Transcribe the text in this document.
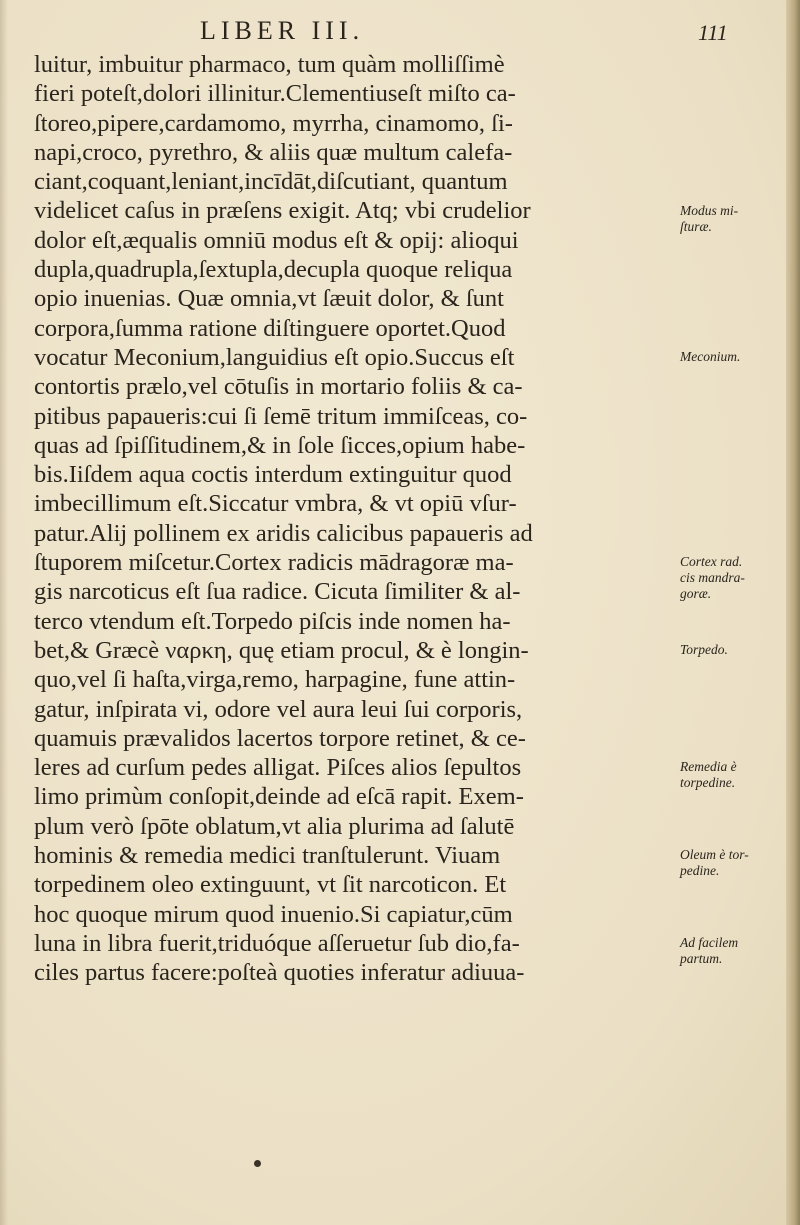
LIBER III.	111
luitur, imbuitur pharmaco, tum quàm molliſſimè
fieri poteſt,dolori illinitur.Clementiuseſt miſto ca-
ſtoreo,pipere,cardamomo, myrrha, cinamomo, ſi-
napi,croco, pyrethro, & aliis quæ multum calefa-
ciant,coquant,leniant,incīdāt,diſcutiant, quantum
videlicet caſus in præſens exigit. Atq; vbi crudelior
dolor eſt,æqualis omniū modus eſt & opij: alioqui
dupla,quadrupla,ſextupla,decupla quoque reliqua
opio inuenias. Quæ omnia,vt ſæuit dolor, & ſunt
corpora,ſumma ratione diſtinguere oportet.Quod
vocatur Meconium,languidius eſt opio.Succus eſt
contortis prælo,vel cōtuſis in mortario foliis & ca-
pitibus papaueris:cui ſi ſemē tritum immiſceas, co-
quas ad ſpiſſitudinem,& in ſole ſicces,opium habe-
bis.Iiſdem aqua coctis interdum extinguitur quod
imbecillimum eſt.Siccatur vmbra, & vt opiū vſur-
patur.Alij pollinem ex aridis calicibus papaueris ad
ſtuporem miſcetur.Cortex radicis mādragoræ ma-
gis narcoticus eſt ſua radice. Cicuta ſimiliter & al-
terco vtendum eſt.Torpedo piſcis inde nomen ha-
bet,& Græcè ναρκη, quę etiam procul, & è longin-
quo,vel ſi haſta,virga,remo, harpagine, fune attin-
gatur, inſpirata vi, odore vel aura leui ſui corporis,
quamuis prævalidos lacertos torpore retinet, & ce-
leres ad curſum pedes alligat. Piſces alios ſepultos
limo primùm conſopit,deinde ad eſcā rapit. Exem-
plum verò ſpōte oblatum,vt alia plurima ad ſalutē
hominis & remedia medici tranſtulerunt. Viuam
torpedinem oleo extinguunt, vt ſit narcoticon. Et
hoc quoque mirum quod inuenio.Si capiatur,cūm
luna in libra fuerit,triduóque aſſeruetur ſub dio,fa-
ciles partus facere:poſteà quoties inferatur adiuua-
Modus mi-
ſturæ.
Meconium.
Cortex rad.
cis mandra-
goræ.
Torpedo.
Remedia è
torpedine.
Oleum è tor-
pedine.
Ad facilem
partum.
